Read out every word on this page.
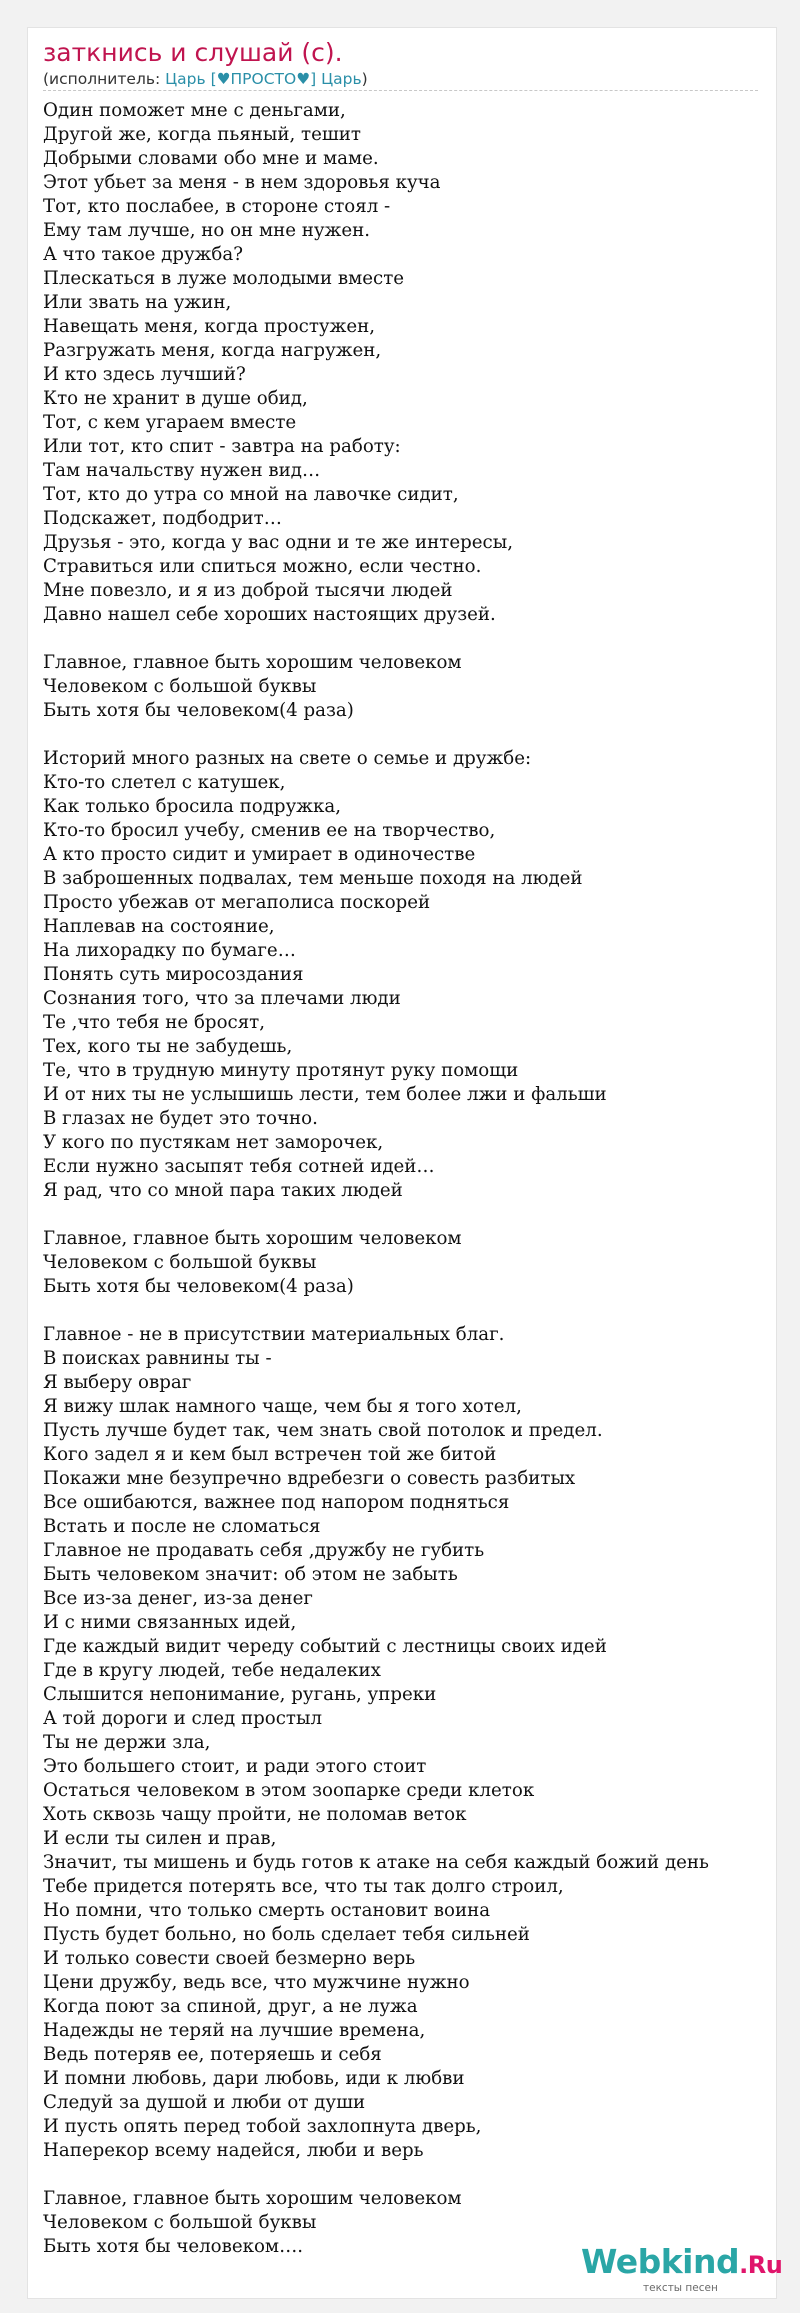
заткнись и слушай (с).
(исполнитель: Царь [♥ПРОСТО♥] Царь)
Один поможет мне с деньгами,
Другой же, когда пьяный, тешит
Добрыми словами обо мне и маме.
Этот убьет за меня - в нем здоровья куча
Тот, кто послабее, в стороне стоял -
Ему там лучше, но он мне нужен.
А что такое дружба?
Плескаться в луже молодыми вместе
Или звать на ужин,
Навещать меня, когда простужен,
Разгружать меня, когда нагружен,
И кто здесь лучший?
Кто не хранит в душе обид,
Тот, с кем угараем вместе
Или тот, кто спит - завтра на работу:
Там начальству нужен вид…
Тот, кто до утра со мной на лавочке сидит,
Подскажет, подбодрит…
Друзья - это, когда у вас одни и те же интересы,
Стравиться или спиться можно, если честно.
Мне повезло, и я из доброй тысячи людей
Давно нашел себе хороших настоящих друзей.
Главное, главное быть хорошим человеком
Человеком с большой буквы
Быть хотя бы человеком(4 раза)
Историй много разных на свете о семье и дружбе:
Кто-то слетел с катушек,
Как только бросила подружка,
Кто-то бросил учебу, сменив ее на творчество,
А кто просто сидит и умирает в одиночестве
В заброшенных подвалах, тем меньше походя на людей
Просто убежав от мегаполиса поскорей
Наплевав на состояние,
На лихорадку по бумаге…
Понять суть миросоздания
Сознания того, что за плечами люди
Те ,что тебя не бросят,
Тех, кого ты не забудешь,
Те, что в трудную минуту протянут руку помощи
И от них ты не услышишь лести, тем более лжи и фальши
В глазах не будет это точно.
У кого по пустякам нет заморочек,
Если нужно засыпят тебя сотней идей…
Я рад, что со мной пара таких людей
Главное, главное быть хорошим человеком
Человеком с большой буквы
Быть хотя бы человеком(4 раза)
Главное - не в присутствии материальных благ.
В поисках равнины ты -
Я выберу овраг
Я вижу шлак намного чаще, чем бы я того хотел,
Пусть лучше будет так, чем знать свой потолок и предел.
Кого задел я и кем был встречен той же битой
Покажи мне безупречно вдребезги о совесть разбитых
Все ошибаются, важнее под напором подняться
Встать и после не сломаться
Главное не продавать себя ,дружбу не губить
Быть человеком значит: об этом не забыть
Все из-за денег, из-за денег
И с ними связанных идей,
Где каждый видит череду событий с лестницы своих идей
Где в кругу людей, тебе недалеких
Слышится непонимание, ругань, упреки
А той дороги и след простыл
Ты не держи зла,
Это большего стоит, и ради этого стоит
Остаться человеком в этом зоопарке среди клеток
Хоть сквозь чащу пройти, не поломав веток
И если ты силен и прав,
Значит, ты мишень и будь готов к атаке на себя каждый божий день
Тебе придется потерять все, что ты так долго строил,
Но помни, что только смерть остановит воина
Пусть будет больно, но боль сделает тебя сильней
И только совести своей безмерно верь
Цени дружбу, ведь все, что мужчине нужно
Когда поют за спиной, друг, а не лужа
Надежды не теряй на лучшие времена,
Ведь потеряв ее, потеряешь и себя
И помни любовь, дари любовь, иди к любви
Следуй за душой и люби от души
И пусть опять перед тобой захлопнута дверь,
Наперекор всему надейся, люби и верь
Главное, главное быть хорошим человеком
Человеком с большой буквы
Быть хотя бы человеком….	Webkind.Ru
тексты песен
